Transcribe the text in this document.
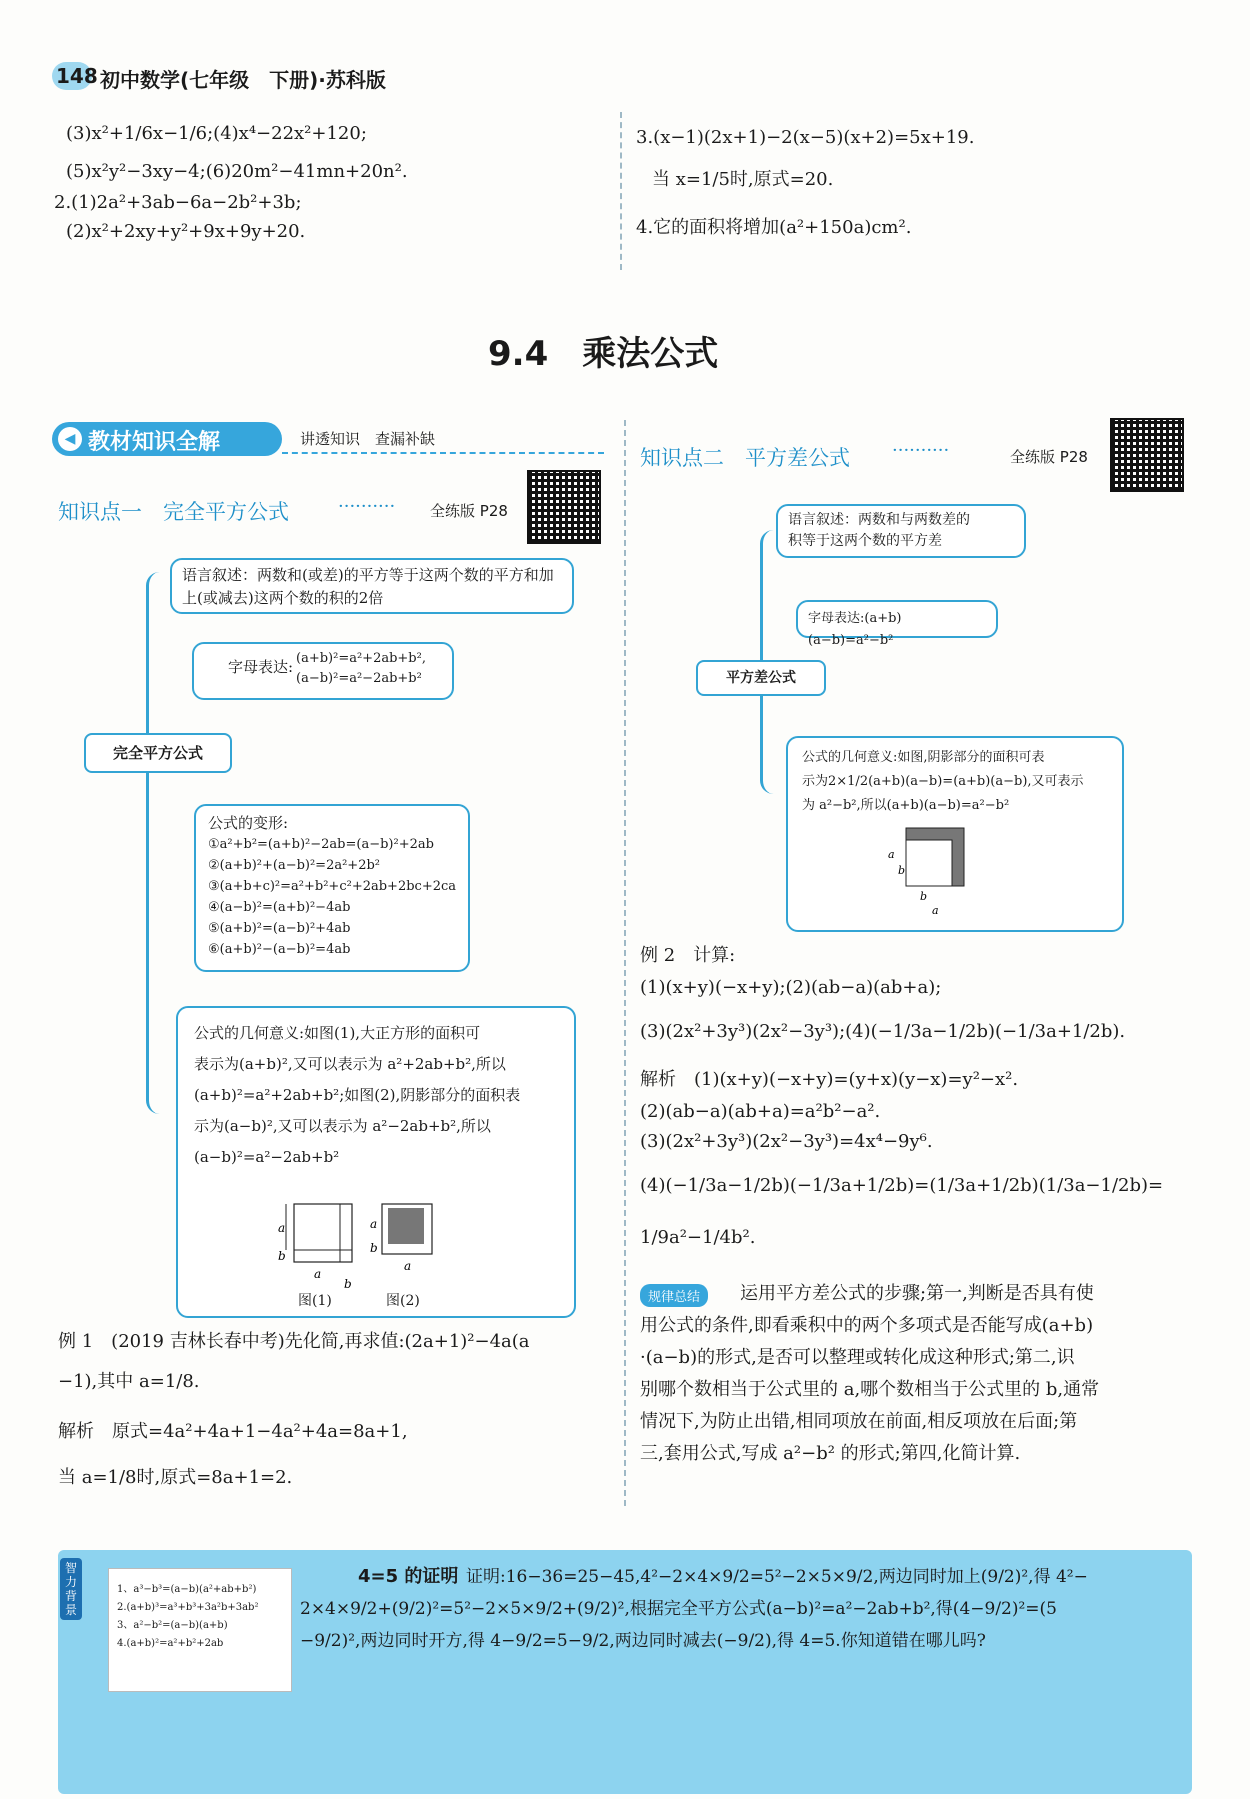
148 初中数学(七年级　下册)·苏科版
(3)x²+1/6x−1/6;(4)x⁴−22x²+120;
(5)x²y²−3xy−4;(6)20m²−41mn+20n².
2.(1)2a²+3ab−6a−2b²+3b;
(2)x²+2xy+y²+9x+9y+20.
3.(x−1)(2x+1)−2(x−5)(x+2)=5x+19.
当 x=1/5时,原式=20.
4.它的面积将增加(a²+150a)cm².
9.4　乘法公式
◀ 教材知识全解	讲透知识　查漏补缺
知识点一　完全平方公式	·········· 全练版 P28
语言叙述：两数和(或差)的平方等于这两个数的平方和加上(或减去)这两个数的积的2倍
字母表达: (a+b)²=a²+2ab+b²,
(a−b)²=a²−2ab+b²
完全平方公式
公式的变形:
①a²+b²=(a+b)²−2ab=(a−b)²+2ab
②(a+b)²+(a−b)²=2a²+2b²
③(a+b+c)²=a²+b²+c²+2ab+2bc+2ca
④(a−b)²=(a+b)²−4ab
⑤(a+b)²=(a−b)²+4ab
⑥(a+b)²−(a−b)²=4ab
公式的几何意义:如图(1),大正方形的面积可
表示为(a+b)²,又可以表示为 a²+2ab+b²,所以
(a+b)²=a²+2ab+b²;如图(2),阴影部分的面积表
示为(a−b)²,又可以表示为 a²−2ab+b²,所以
(a−b)²=a²−2ab+b²
a
b
a
b
a
b
a
图(1)	图(2)
例 1　(2019 吉林长春中考)先化简,再求值:(2a+1)²−4a(a
−1),其中 a=1/8.
解析　原式=4a²+4a+1−4a²+4a=8a+1,
当 a=1/8时,原式=8a+1=2.
知识点二　平方差公式 ··········	全练版 P28
语言叙述：两数和与两数差的
积等于这两个数的平方差
字母表达:(a+b)(a−b)=a²−b²
平方差公式
公式的几何意义:如图,阴影部分的面积可表
示为2×1/2(a+b)(a−b)=(a+b)(a−b),又可表示
为 a²−b²,所以(a+b)(a−b)=a²−b²
a
b
b
a
例 2　计算:
(1)(x+y)(−x+y);(2)(ab−a)(ab+a);
(3)(2x²+3y³)(2x²−3y³);(4)(−1/3a−1/2b)(−1/3a+1/2b).
解析　(1)(x+y)(−x+y)=(y+x)(y−x)=y²−x².
(2)(ab−a)(ab+a)=a²b²−a².
(3)(2x²+3y³)(2x²−3y³)=4x⁴−9y⁶.
(4)(−1/3a−1/2b)(−1/3a+1/2b)=(1/3a+1/2b)(1/3a−1/2b)=
1/9a²−1/4b².
规律总结	运用平方差公式的步骤;第一,判断是否具有使
用公式的条件,即看乘积中的两个多项式是否能写成(a+b)
·(a−b)的形式,是否可以整理或转化成这种形式;第二,识
别哪个数相当于公式里的 a,哪个数相当于公式里的 b,通常
情况下,为防止出错,相同项放在前面,相反项放在后面;第
三,套用公式,写成 a²−b² 的形式;第四,化简计算.
智力背景
1、a³−b³=(a−b)(a²+ab+b²)
2.(a+b)³=a³+b³+3a²b+3ab²
3、a²−b²=(a−b)(a+b)
4.(a+b)²=a²+b²+2ab
4=5 的证明 证明:16−36=25−45,4²−2×4×9/2=5²−2×5×9/2,两边同时加上(9/2)²,得 4²−
2×4×9/2+(9/2)²=5²−2×5×9/2+(9/2)²,根据完全平方公式(a−b)²=a²−2ab+b²,得(4−9/2)²=(5
−9/2)²,两边同时开方,得 4−9/2=5−9/2,两边同时减去(−9/2),得 4=5.你知道错在哪儿吗?
